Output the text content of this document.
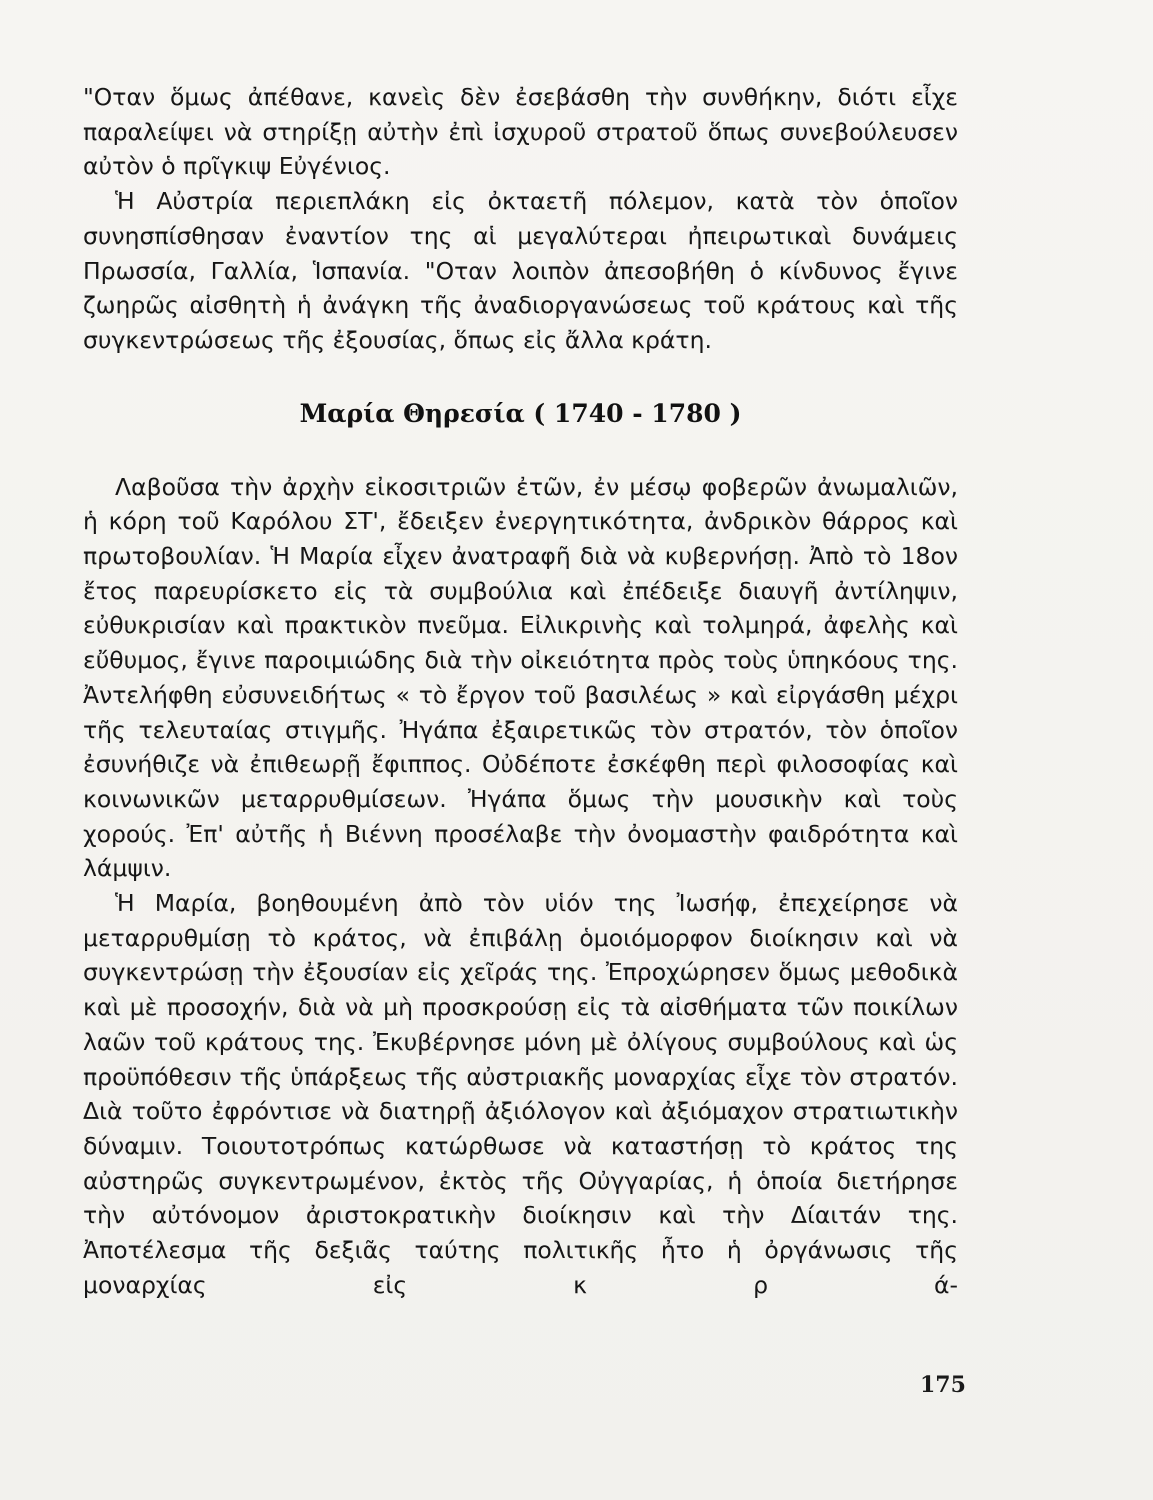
"Οταν ὅμως ἀπέθανε, κανεὶς δὲν ἐσεβάσθη τὴν συνθήκην, διότι εἶχε παραλείψει νὰ στηρίξῃ αὐτὴν ἐπὶ ἰσχυροῦ στρατοῦ ὅπως συνεβούλευσεν αὐτὸν ὁ πρῖγκιψ Εὐγένιος.

Ἡ Αὐστρία περιεπλάκη εἰς ὀκταετῆ πόλεμον, κατὰ τὸν ὁποῖον συνησπίσθησαν ἐναντίον της αἱ μεγαλύτεραι ἠπειρωτικαὶ δυνάμεις Πρωσσία, Γαλλία, Ἱσπανία. "Οταν λοιπὸν ἀπεσοβήθη ὁ κίνδυνος ἔγινε ζωηρῶς αἰσθητὴ ἡ ἀνάγκη τῆς ἀναδιοργανώσεως τοῦ κράτους καὶ τῆς συγκεντρώσεως τῆς ἐξουσίας, ὅπως εἰς ἄλλα κράτη.

Μαρία Θηρεσία ( 1740 - 1780 )

Λαβοῦσα τὴν ἀρχὴν εἰκοσιτριῶν ἐτῶν, ἐν μέσῳ φοβερῶν ἀνωμαλιῶν, ἡ κόρη τοῦ Καρόλου ΣΤ', ἔδειξεν ἐνεργητικότητα, ἀνδρικὸν θάρρος καὶ πρωτοβουλίαν. Ἡ Μαρία εἶχεν ἀνατραφῆ διὰ νὰ κυβερνήσῃ. Ἀπὸ τὸ 18ον ἔτος παρευρίσκετο εἰς τὰ συμβούλια καὶ ἐπέδειξε διαυγῆ ἀντίληψιν, εὐθυκρισίαν καὶ πρακτικὸν πνεῦμα. Εἰλικρινὴς καὶ τολμηρά, ἀφελὴς καὶ εὔθυμος, ἔγινε παροιμιώδης διὰ τὴν οἰκειότητα πρὸς τοὺς ὑπηκόους της. Ἀντελήφθη εὐσυνειδήτως « τὸ ἔργον τοῦ βασιλέως » καὶ εἰργάσθη μέχρι τῆς τελευταίας στιγμῆς. Ἠγάπα ἐξαιρετικῶς τὸν στρατόν, τὸν ὁποῖον ἐσυνήθιζε νὰ ἐπιθεωρῇ ἔφιππος. Οὐδέποτε ἐσκέφθη περὶ φιλοσοφίας καὶ κοινωνικῶν μεταρρυθμίσεων. Ἠγάπα ὅμως τὴν μουσικὴν καὶ τοὺς χορούς. Ἐπ' αὐτῆς ἡ Βιέννη προσέλαβε τὴν ὀνομαστὴν φαιδρότητα καὶ λάμψιν.

Ἡ Μαρία, βοηθουμένη ἀπὸ τὸν υἱόν της Ἰωσήφ, ἐπεχείρησε νὰ μεταρρυθμίσῃ τὸ κράτος, νὰ ἐπιβάλῃ ὁμοιόμορφον διοίκησιν καὶ νὰ συγκεντρώσῃ τὴν ἐξουσίαν εἰς χεῖράς της. Ἐπροχώρησεν ὅμως μεθοδικὰ καὶ μὲ προσοχήν, διὰ νὰ μὴ προσκρούσῃ εἰς τὰ αἰσθήματα τῶν ποικίλων λαῶν τοῦ κράτους της. Ἐκυβέρνησε μόνη μὲ ὀλίγους συμβούλους καὶ ὡς προϋπόθεσιν τῆς ὑπάρξεως τῆς αὐστριακῆς μοναρχίας εἶχε τὸν στρατόν. Διὰ τοῦτο ἐφρόντισε νὰ διατηρῇ ἀξιόλογον καὶ ἀξιόμαχον στρατιωτικὴν δύναμιν. Τοιουτοτρόπως κατώρθωσε νὰ καταστήσῃ τὸ κράτος της αὐστηρῶς συγκεντρωμένον, ἐκτὸς τῆς Οὐγγαρίας, ἡ ὁποία διετήρησε τὴν αὐτόνομον ἀριστοκρατικὴν διοίκησιν καὶ τὴν Δίαιτάν της. Ἀποτέλεσμα τῆς δεξιᾶς ταύτης πολιτικῆς ἦτο ἡ ὀργάνωσις τῆς μοναρχίας εἰς κ ρ ά-

175
